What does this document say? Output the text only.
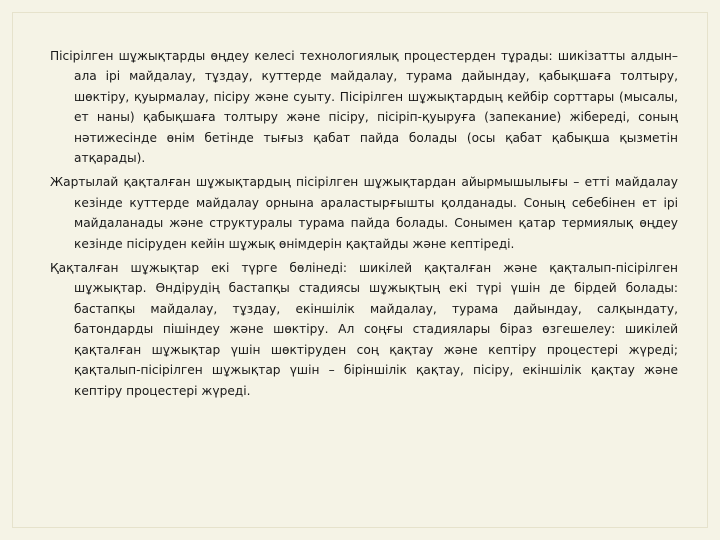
Пісірілген шұжықтарды өңдеу келесі технологиялық процестерден тұрады: шикізатты алдын–ала ірі майдалау, тұздау, куттерде майдалау, турама дайындау, қабықшаға толтыру, шөктіру, қуырмалау, пісіру және суыту. Пісірілген шұжықтардың кейбір сорттары (мысалы, ет наны) қабықшаға толтыру және пісіру, пісіріп-қуыруға (запекание) жібереді, соның нәтижесінде өнім бетінде тығыз қабат пайда болады (осы қабат қабықша қызметін атқарады).

Жартылай қақталған шұжықтардың пісірілген шұжықтардан айырмышылығы – етті майдалау кезінде куттерде майдалау орнына араластырғышты қолданады. Соның себебінен ет ірі майдаланады және структуралы турама пайда болады. Сонымен қатар термиялық өңдеу кезінде пісіруден кейін шұжық өнімдерін қақтайды және кептіреді.

Қақталған шұжықтар екі түрге бөлінеді: шикілей қақталған және қақталып-пісірілген шұжықтар. Өндірудің бастапқы стадиясы шұжықтың екі түрі үшін де бірдей болады: бастапқы майдалау, тұздау, екіншілік майдалау, турама дайындау, салқындату, батондарды пішіндеу және шөктіру. Ал соңғы стадиялары біраз өзгешелеу: шикілей қақталған шұжықтар үшін шөктіруден соң қақтау және кептіру процестері жүреді; қақталып-пісірілген шұжықтар үшін – біріншілік қақтау, пісіру, екіншілік қақтау және кептіру процестері жүреді.
